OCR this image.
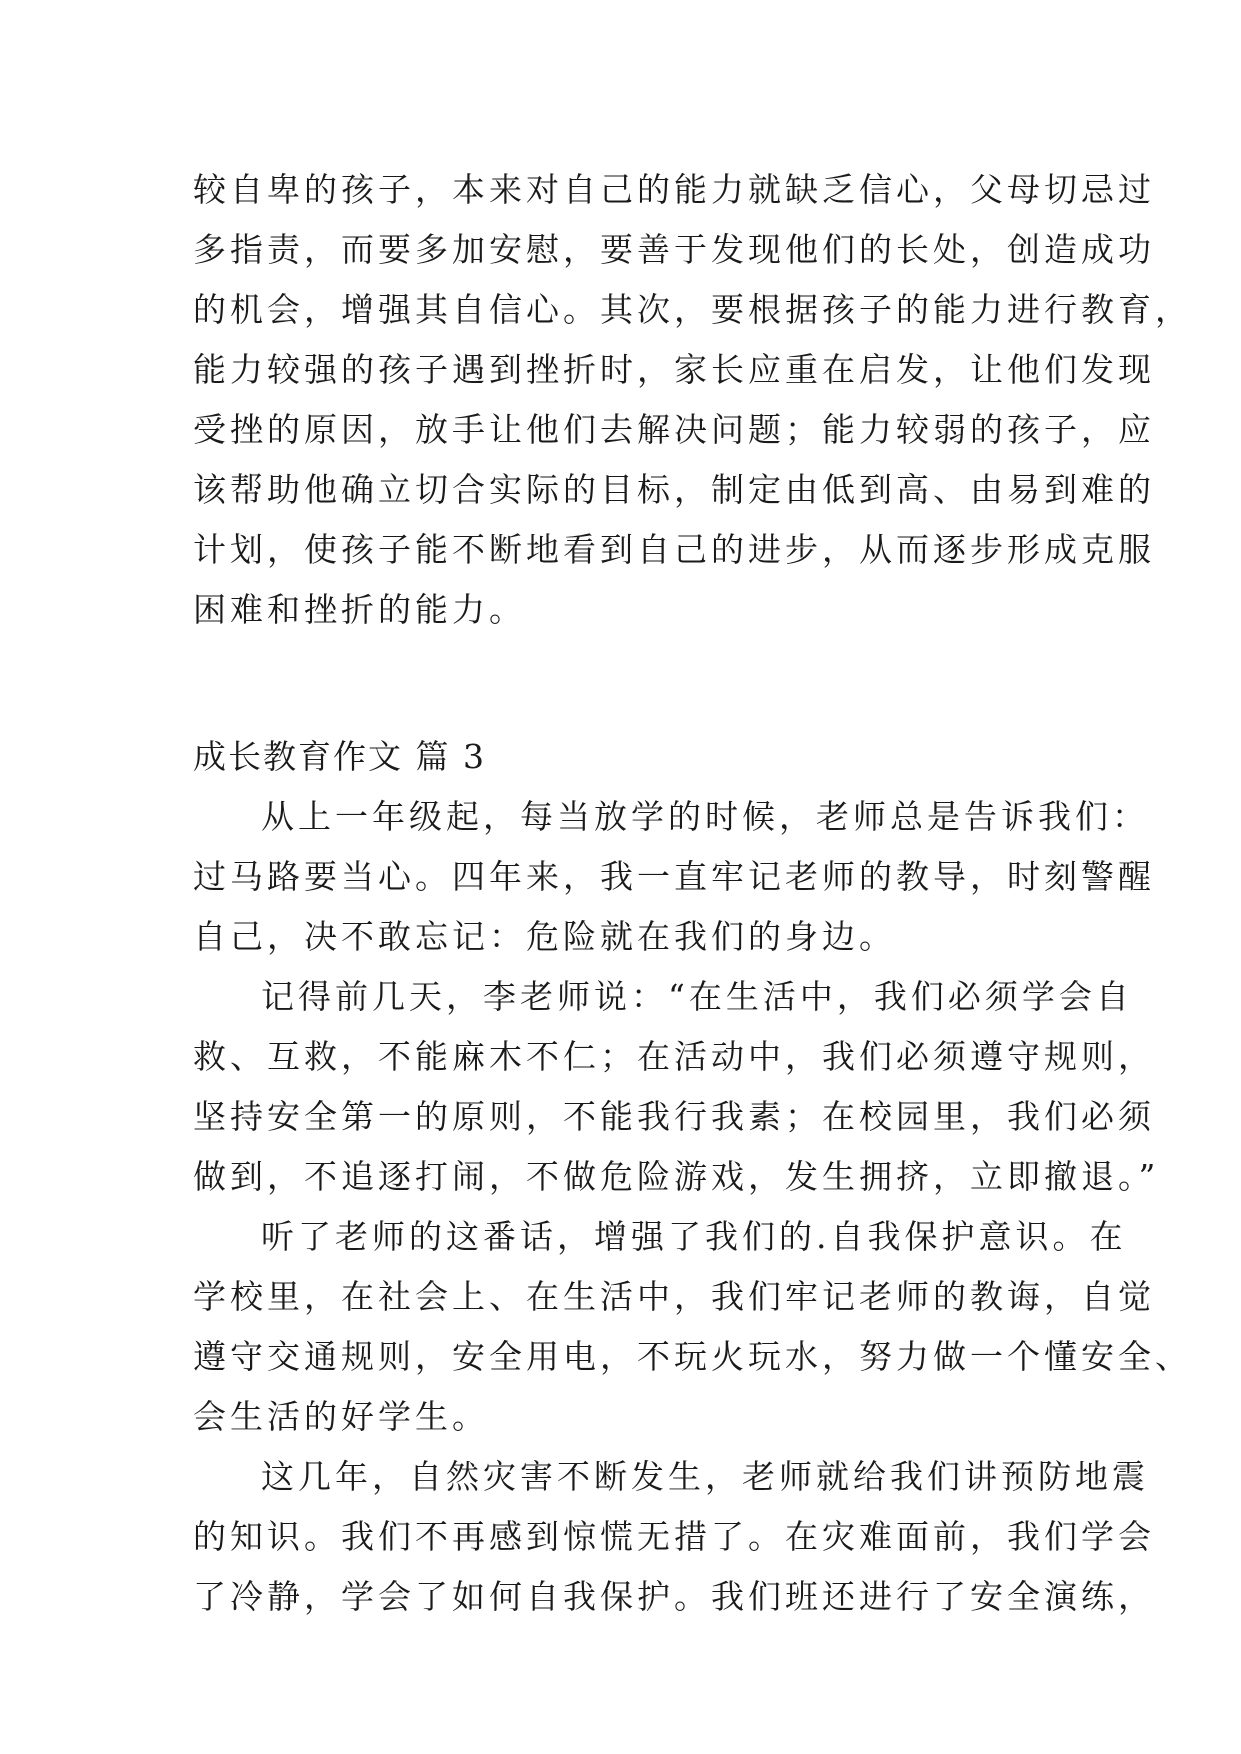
较自卑的孩子，本来对自己的能力就缺乏信心，父母切忌过
多指责，而要多加安慰，要善于发现他们的长处，创造成功
的机会，增强其自信心。其次，要根据孩子的能力进行教育，
能力较强的孩子遇到挫折时，家长应重在启发，让他们发现
受挫的原因，放手让他们去解决问题；能力较弱的孩子，应
该帮助他确立切合实际的目标，制定由低到高、由易到难的
计划，使孩子能不断地看到自己的进步，从而逐步形成克服
困难和挫折的能力。
成长教育作文 篇 3
从上一年级起，每当放学的时候，老师总是告诉我们：
过马路要当心。四年来，我一直牢记老师的教导，时刻警醒
自己，决不敢忘记：危险就在我们的身边。
记得前几天，李老师说：“在生活中，我们必须学会自
救、互救，不能麻木不仁；在活动中，我们必须遵守规则，
坚持安全第一的原则，不能我行我素；在校园里，我们必须
做到，不追逐打闹，不做危险游戏，发生拥挤，立即撤退。”
听了老师的这番话，增强了我们的.自我保护意识。在
学校里，在社会上、在生活中，我们牢记老师的教诲，自觉
遵守交通规则，安全用电，不玩火玩水，努力做一个懂安全、
会生活的好学生。
这几年，自然灾害不断发生，老师就给我们讲预防地震
的知识。我们不再感到惊慌无措了。在灾难面前，我们学会
了冷静，学会了如何自我保护。我们班还进行了安全演练，
